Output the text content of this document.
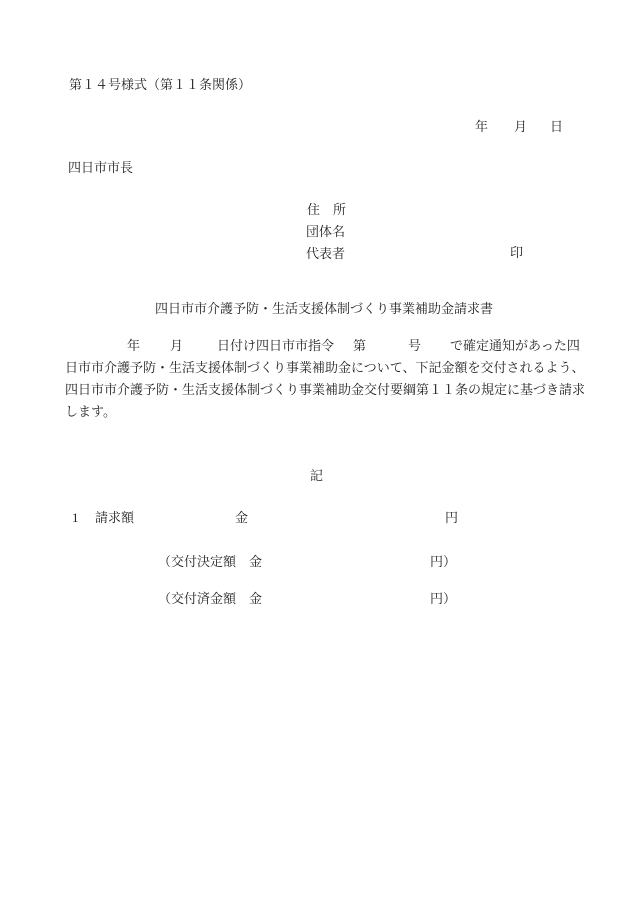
第１４号様式（第１１条関係）
年 月 日
四日市市長
住　所
団体名
代表者	印
四日市市介護予防・生活支援体制づくり事業補助金請求書
年 月	日付け四日市市指令 第	号 で確定通知があった四
日市市介護予防・生活支援体制づくり事業補助金について、下記金額を交付されるよう、
四日市市介護予防・生活支援体制づくり事業補助金交付要綱第１１条の規定に基づき請求
します。
記
1 請求額	金	円
（交付決定額　金	円）
（交付済金額　金	円）
